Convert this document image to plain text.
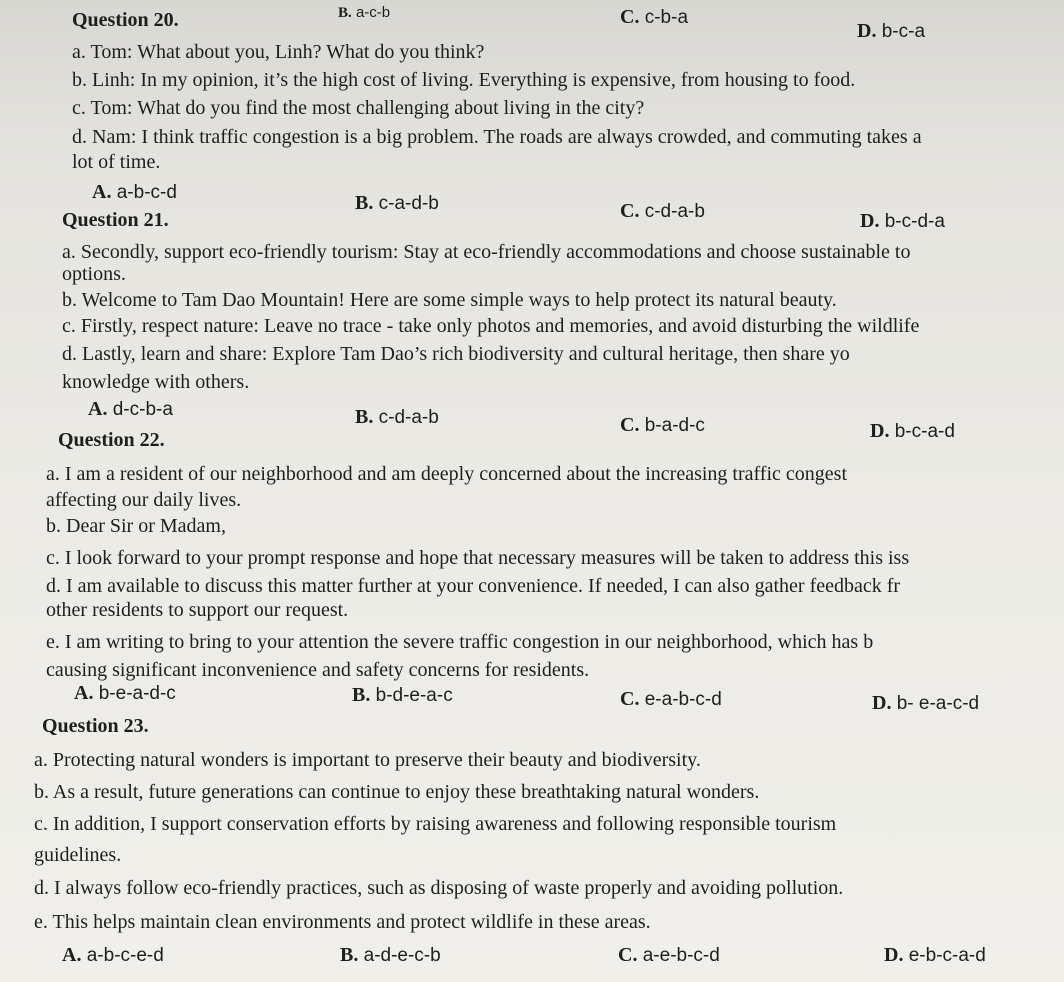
B. a-c-b	C. c-b-a
D. b-c-a
Question 20.
a. Tom: What about you, Linh? What do you think?
b. Linh: In my opinion, it’s the high cost of living. Everything is expensive, from housing to food.
c. Tom: What do you find the most challenging about living in the city?
d. Nam: I think traffic congestion is a big problem. The roads are always crowded, and commuting takes a
lot of time.
A. a-b-c-d	B. c-a-d-b	C. c-d-a-b	D. b-c-d-a
Question 21.
a. Secondly, support eco-friendly tourism: Stay at eco-friendly accommodations and choose sustainable to
options.
b. Welcome to Tam Dao Mountain! Here are some simple ways to help protect its natural beauty.
c. Firstly, respect nature: Leave no trace - take only photos and memories, and avoid disturbing the wildlife
d. Lastly, learn and share: Explore Tam Dao’s rich biodiversity and cultural heritage, then share yo
knowledge with others.
A. d-c-b-a	B. c-d-a-b	C. b-a-d-c	D. b-c-a-d
Question 22.
a. I am a resident of our neighborhood and am deeply concerned about the increasing traffic congest
affecting our daily lives.
b. Dear Sir or Madam,
c. I look forward to your prompt response and hope that necessary measures will be taken to address this iss
d. I am available to discuss this matter further at your convenience. If needed, I can also gather feedback fr
other residents to support our request.
e. I am writing to bring to your attention the severe traffic congestion in our neighborhood, which has b
causing significant inconvenience and safety concerns for residents.
A. b-e-a-d-c	B. b-d-e-a-c	C. e-a-b-c-d	D. b- e-a-c-d
Question 23.
a. Protecting natural wonders is important to preserve their beauty and biodiversity.
b. As a result, future generations can continue to enjoy these breathtaking natural wonders.
c. In addition, I support conservation efforts by raising awareness and following responsible tourism
guidelines.
d. I always follow eco-friendly practices, such as disposing of waste properly and avoiding pollution.
e. This helps maintain clean environments and protect wildlife in these areas.
A. a-b-c-e-d	B. a-d-e-c-b	C. a-e-b-c-d	D. e-b-c-a-d
